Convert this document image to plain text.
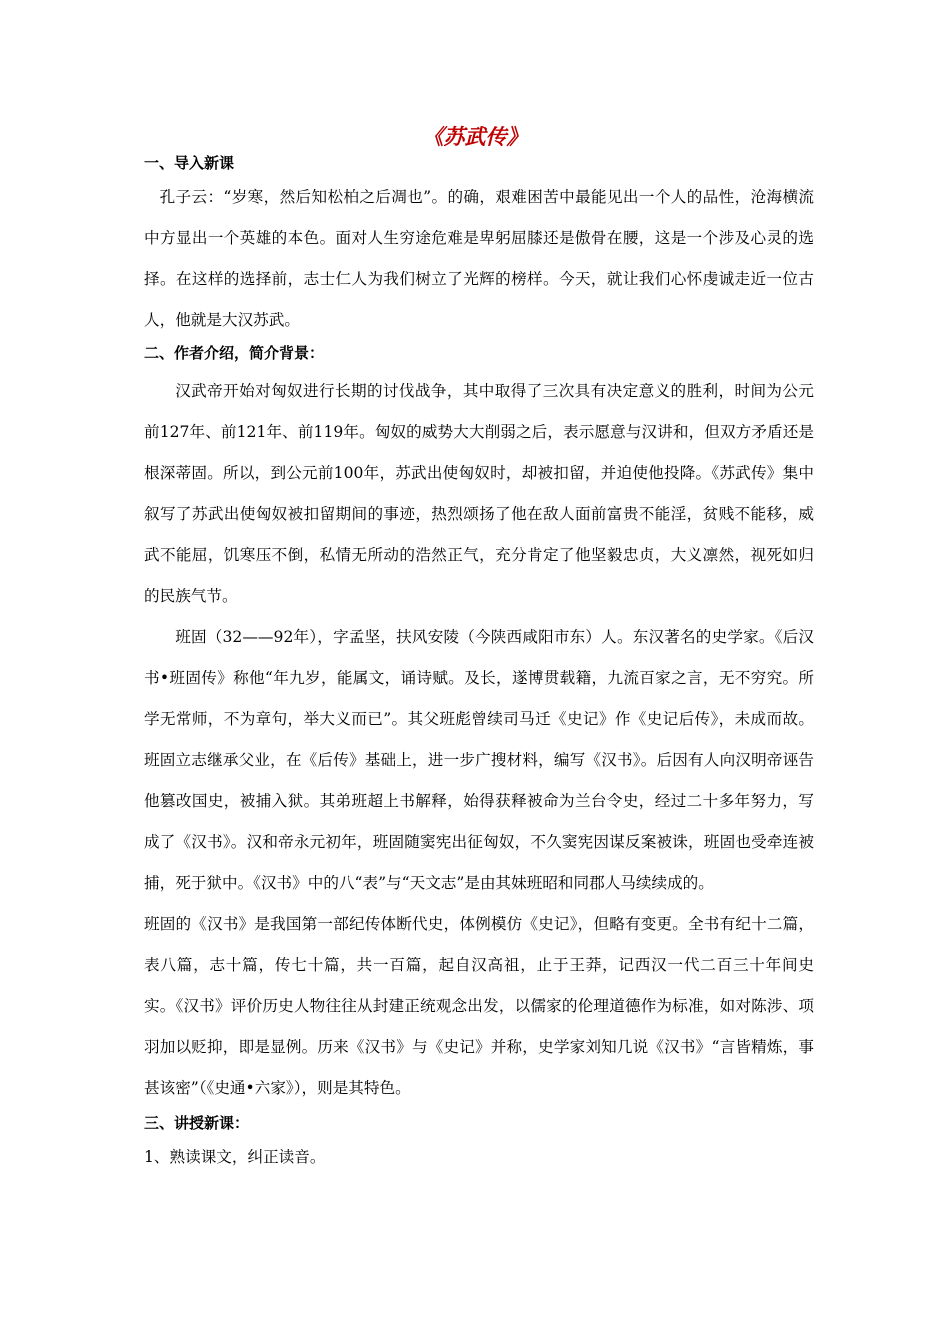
《苏武传》
一、导入新课

孔子云：“岁寒，然后知松柏之后凋也”。的确，艰难困苦中最能见出一个人的品性，沧海横流中方显出一个英雄的本色。面对人生穷途危难是卑躬屈膝还是傲骨在腰，这是一个涉及心灵的选择。在这样的选择前，志士仁人为我们树立了光辉的榜样。今天，就让我们心怀虔诚走近一位古人，他就是大汉苏武。

二、作者介绍，简介背景：

汉武帝开始对匈奴进行长期的讨伐战争，其中取得了三次具有决定意义的胜利，时间为公元前127年、前121年、前119年。匈奴的威势大大削弱之后，表示愿意与汉讲和，但双方矛盾还是根深蒂固。所以，到公元前100年，苏武出使匈奴时，却被扣留，并迫使他投降。《苏武传》集中叙写了苏武出使匈奴被扣留期间的事迹，热烈颂扬了他在敌人面前富贵不能淫，贫贱不能移，威武不能屈，饥寒压不倒，私情无所动的浩然正气，充分肯定了他坚毅忠贞，大义凛然，视死如归的民族气节。

班固（32——92年），字孟坚，扶风安陵（今陕西咸阳市东）人。东汉著名的史学家。《后汉书•班固传》称他“年九岁，能属文，诵诗赋。及长，遂博贯载籍，九流百家之言，无不穷究。所学无常师，不为章句，举大义而已”。其父班彪曾续司马迁《史记》作《史记后传》，未成而故。班固立志继承父业，在《后传》基础上，进一步广搜材料，编写《汉书》。后因有人向汉明帝诬告他篡改国史，被捕入狱。其弟班超上书解释，始得获释被命为兰台令史，经过二十多年努力，写成了《汉书》。汉和帝永元初年，班固随窦宪出征匈奴，不久窦宪因谋反案被诛，班固也受牵连被捕，死于狱中。《汉书》中的八“表”与“天文志”是由其妹班昭和同郡人马续续成的。

班固的《汉书》是我国第一部纪传体断代史，体例模仿《史记》，但略有变更。全书有纪十二篇，表八篇，志十篇，传七十篇，共一百篇，起自汉高祖，止于王莽，记西汉一代二百三十年间史实。《汉书》评价历史人物往往从封建正统观念出发，以儒家的伦理道德作为标准，如对陈涉、项羽加以贬抑，即是显例。历来《汉书》与《史记》并称，史学家刘知几说《汉书》“言皆精炼，事甚该密”（《史通•六家》），则是其特色。

三、讲授新课：

1、熟读课文，纠正读音。
